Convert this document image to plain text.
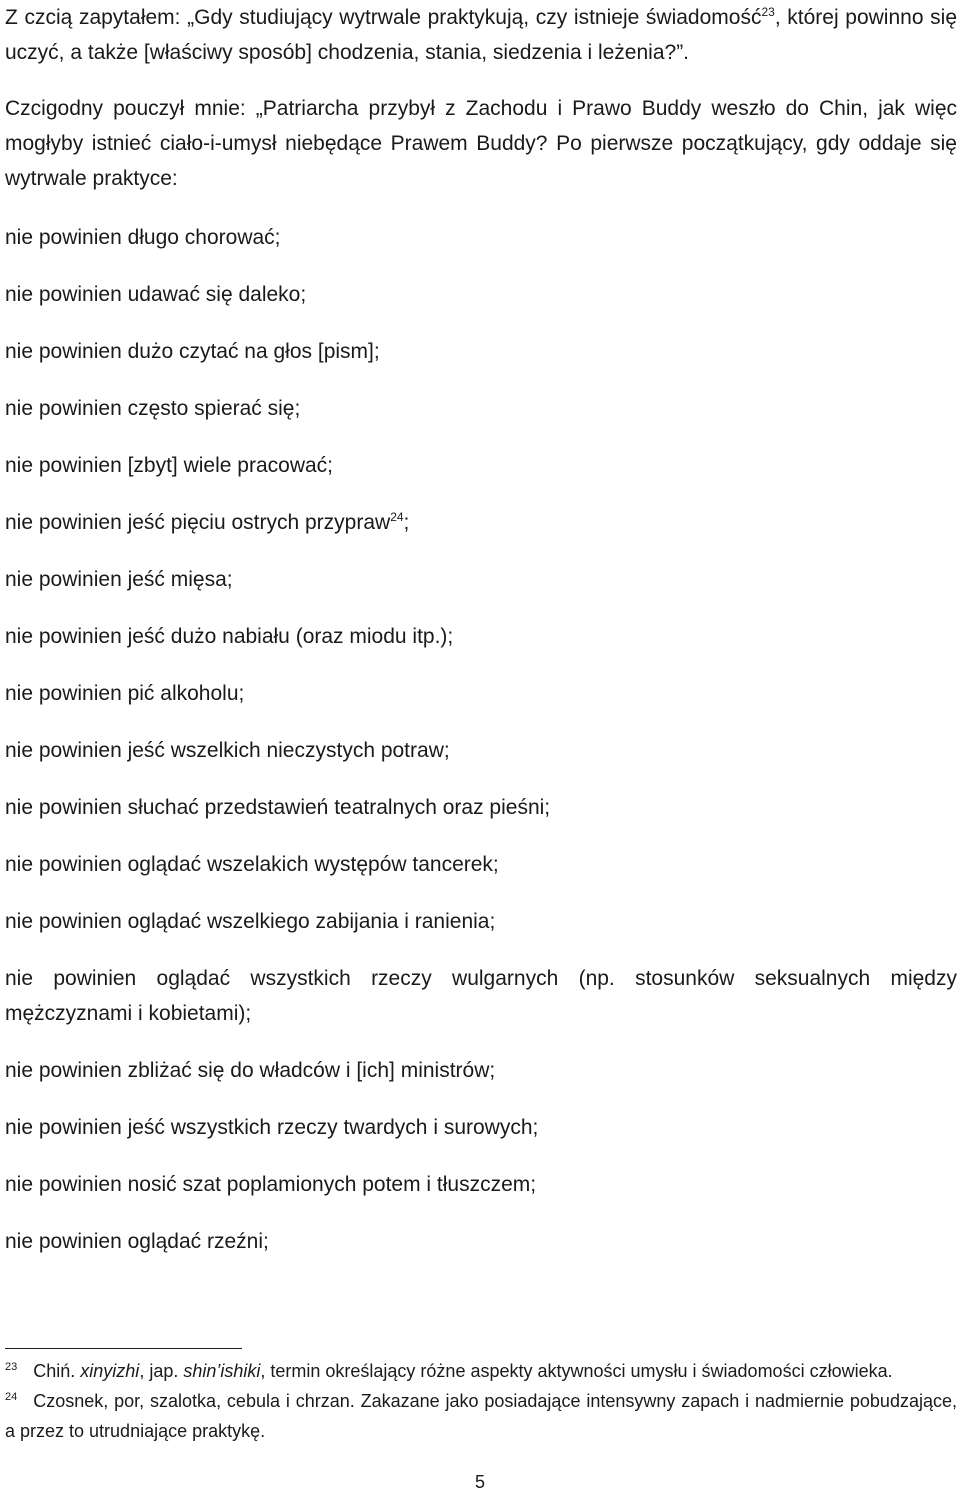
Z czcią zapytałem: „Gdy studiujący wytrwale praktykują, czy istnieje świadomość$^{23}$, której powinno się uczyć, a także [właściwy sposób] chodzenia, stania, siedzenia i leżenia?”.

Czcigodny pouczył mnie: „Patriarcha przybył z Zachodu i Prawo Buddy weszło do Chin, jak więc mogłyby istnieć ciało-i-umysł niebędące Prawem Buddy? Po pierwsze początkujący, gdy oddaje się wytrwale praktyce:

nie powinien długo chorować;
nie powinien udawać się daleko;
nie powinien dużo czytać na głos [pism];
nie powinien często spierać się;
nie powinien [zbyt] wiele pracować;
nie powinien jeść pięciu ostrych przypraw$^{24}$;
nie powinien jeść mięsa;
nie powinien jeść dużo nabiału (oraz miodu itp.);
nie powinien pić alkoholu;
nie powinien jeść wszelkich nieczystych potraw;
nie powinien słuchać przedstawień teatralnych oraz pieśni;
nie powinien oglądać wszelakich występów tancerek;
nie powinien oglądać wszelkiego zabijania i ranienia;
nie powinien oglądać wszystkich rzeczy wulgarnych (np. stosunków seksualnych między mężczyznami i kobietami);
nie powinien zbliżać się do władców i [ich] ministrów;
nie powinien jeść wszystkich rzeczy twardych i surowych;
nie powinien nosić szat poplamionych potem i tłuszczem;
nie powinien oglądać rzeźni;

$^{23}$ Chiń. xinyizhi, jap. shin’ishiki, termin określający różne aspekty aktywności umysłu i świadomości człowieka.

$^{24}$ Czosnek, por, szalotka, cebula i chrzan. Zakazane jako posiadające intensywny zapach i nadmiernie pobudzające, a przez to utrudniające praktykę.

5
